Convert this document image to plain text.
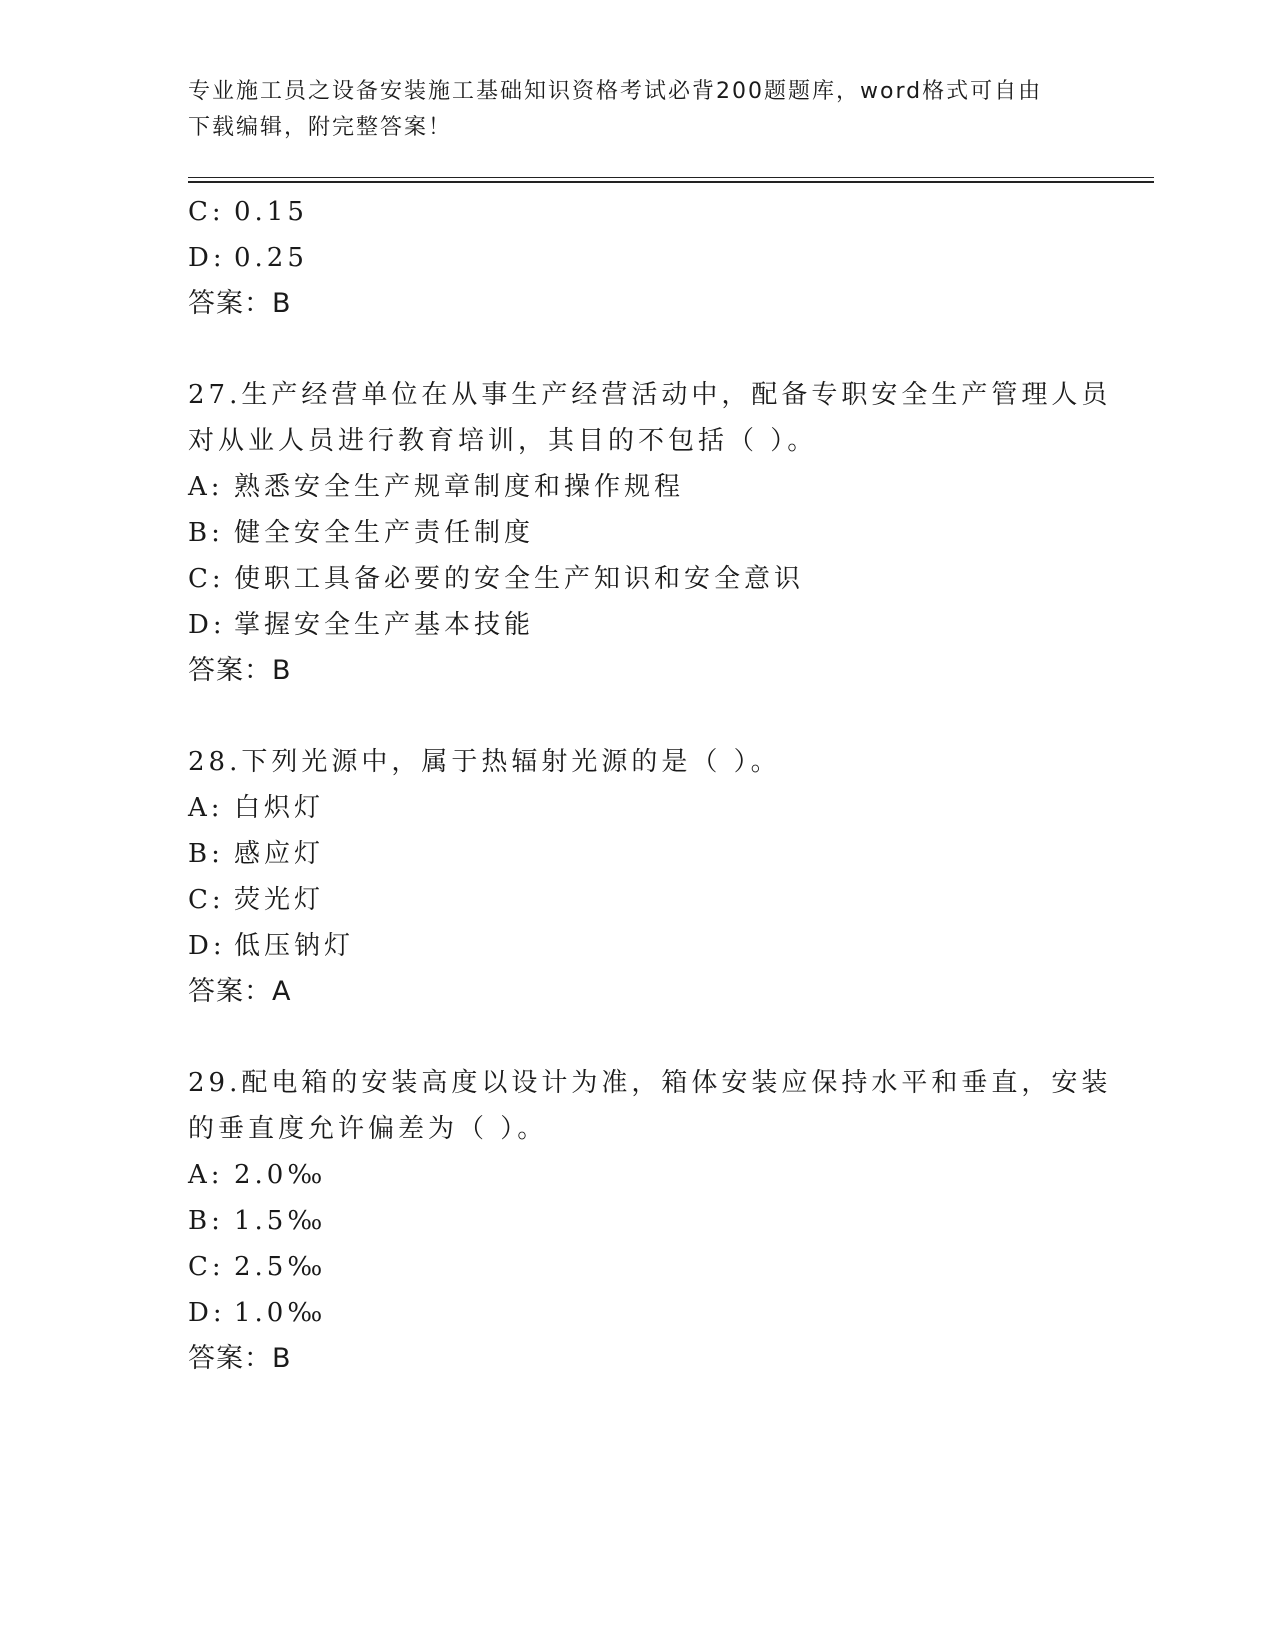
专业施工员之设备安装施工基础知识资格考试必背200题题库，word格式可自由
下载编辑，附完整答案！
C: 0.15
D: 0.25
答案：B
27.生产经营单位在从事生产经营活动中，配备专职安全生产管理人员
对从业人员进行教育培训，其目的不包括（ ）。
A: 熟悉安全生产规章制度和操作规程
B: 健全安全生产责任制度
C: 使职工具备必要的安全生产知识和安全意识
D: 掌握安全生产基本技能
答案：B
28.下列光源中，属于热辐射光源的是（ ）。
A: 白炽灯
B: 感应灯
C: 荧光灯
D: 低压钠灯
答案：A
29.配电箱的安装高度以设计为准，箱体安装应保持水平和垂直，安装
的垂直度允许偏差为（ ）。
A: 2.0‰
B: 1.5‰
C: 2.5‰
D: 1.0‰
答案：B
